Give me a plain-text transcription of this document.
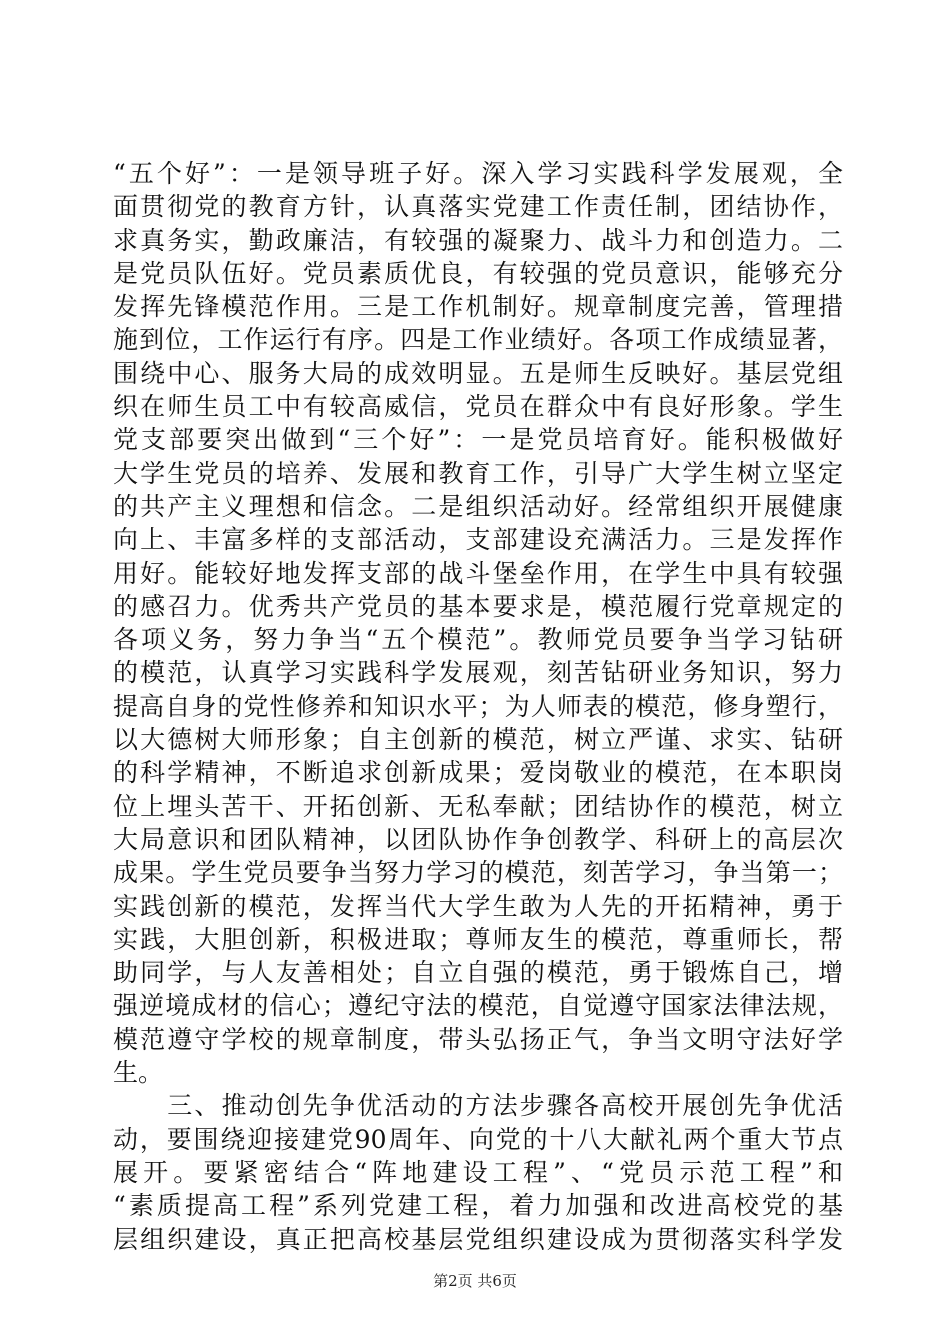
“五个好”：一是领导班子好。深入学习实践科学发展观，全
面贯彻党的教育方针，认真落实党建工作责任制，团结协作，
求真务实，勤政廉洁，有较强的凝聚力、战斗力和创造力。二
是党员队伍好。党员素质优良，有较强的党员意识，能够充分
发挥先锋模范作用。三是工作机制好。规章制度完善，管理措
施到位，工作运行有序。四是工作业绩好。各项工作成绩显著，
围绕中心、服务大局的成效明显。五是师生反映好。基层党组
织在师生员工中有较高威信，党员在群众中有良好形象。学生
党支部要突出做到“三个好”：一是党员培育好。能积极做好
大学生党员的培养、发展和教育工作，引导广大学生树立坚定
的共产主义理想和信念。二是组织活动好。经常组织开展健康
向上、丰富多样的支部活动，支部建设充满活力。三是发挥作
用好。能较好地发挥支部的战斗堡垒作用，在学生中具有较强
的感召力。优秀共产党员的基本要求是，模范履行党章规定的
各项义务，努力争当“五个模范”。教师党员要争当学习钻研
的模范，认真学习实践科学发展观，刻苦钻研业务知识，努力
提高自身的党性修养和知识水平；为人师表的模范，修身塑行，
以大德树大师形象；自主创新的模范，树立严谨、求实、钻研
的科学精神，不断追求创新成果；爱岗敬业的模范，在本职岗
位上埋头苦干、开拓创新、无私奉献；团结协作的模范，树立
大局意识和团队精神，以团队协作争创教学、科研上的高层次
成果。学生党员要争当努力学习的模范，刻苦学习，争当第一；
实践创新的模范，发挥当代大学生敢为人先的开拓精神，勇于
实践，大胆创新，积极进取；尊师友生的模范，尊重师长，帮
助同学，与人友善相处；自立自强的模范，勇于锻炼自己，增
强逆境成材的信心；遵纪守法的模范，自觉遵守国家法律法规，
模范遵守学校的规章制度，带头弘扬正气，争当文明守法好学
生。
　　三、推动创先争优活动的方法步骤各高校开展创先争优活
动，要围绕迎接建党90周年、向党的十八大献礼两个重大节点
展开。要紧密结合“阵地建设工程”、“党员示范工程”和
“素质提高工程”系列党建工程，着力加强和改进高校党的基
层组织建设，真正把高校基层党组织建设成为贯彻落实科学发
第2页 共6页
